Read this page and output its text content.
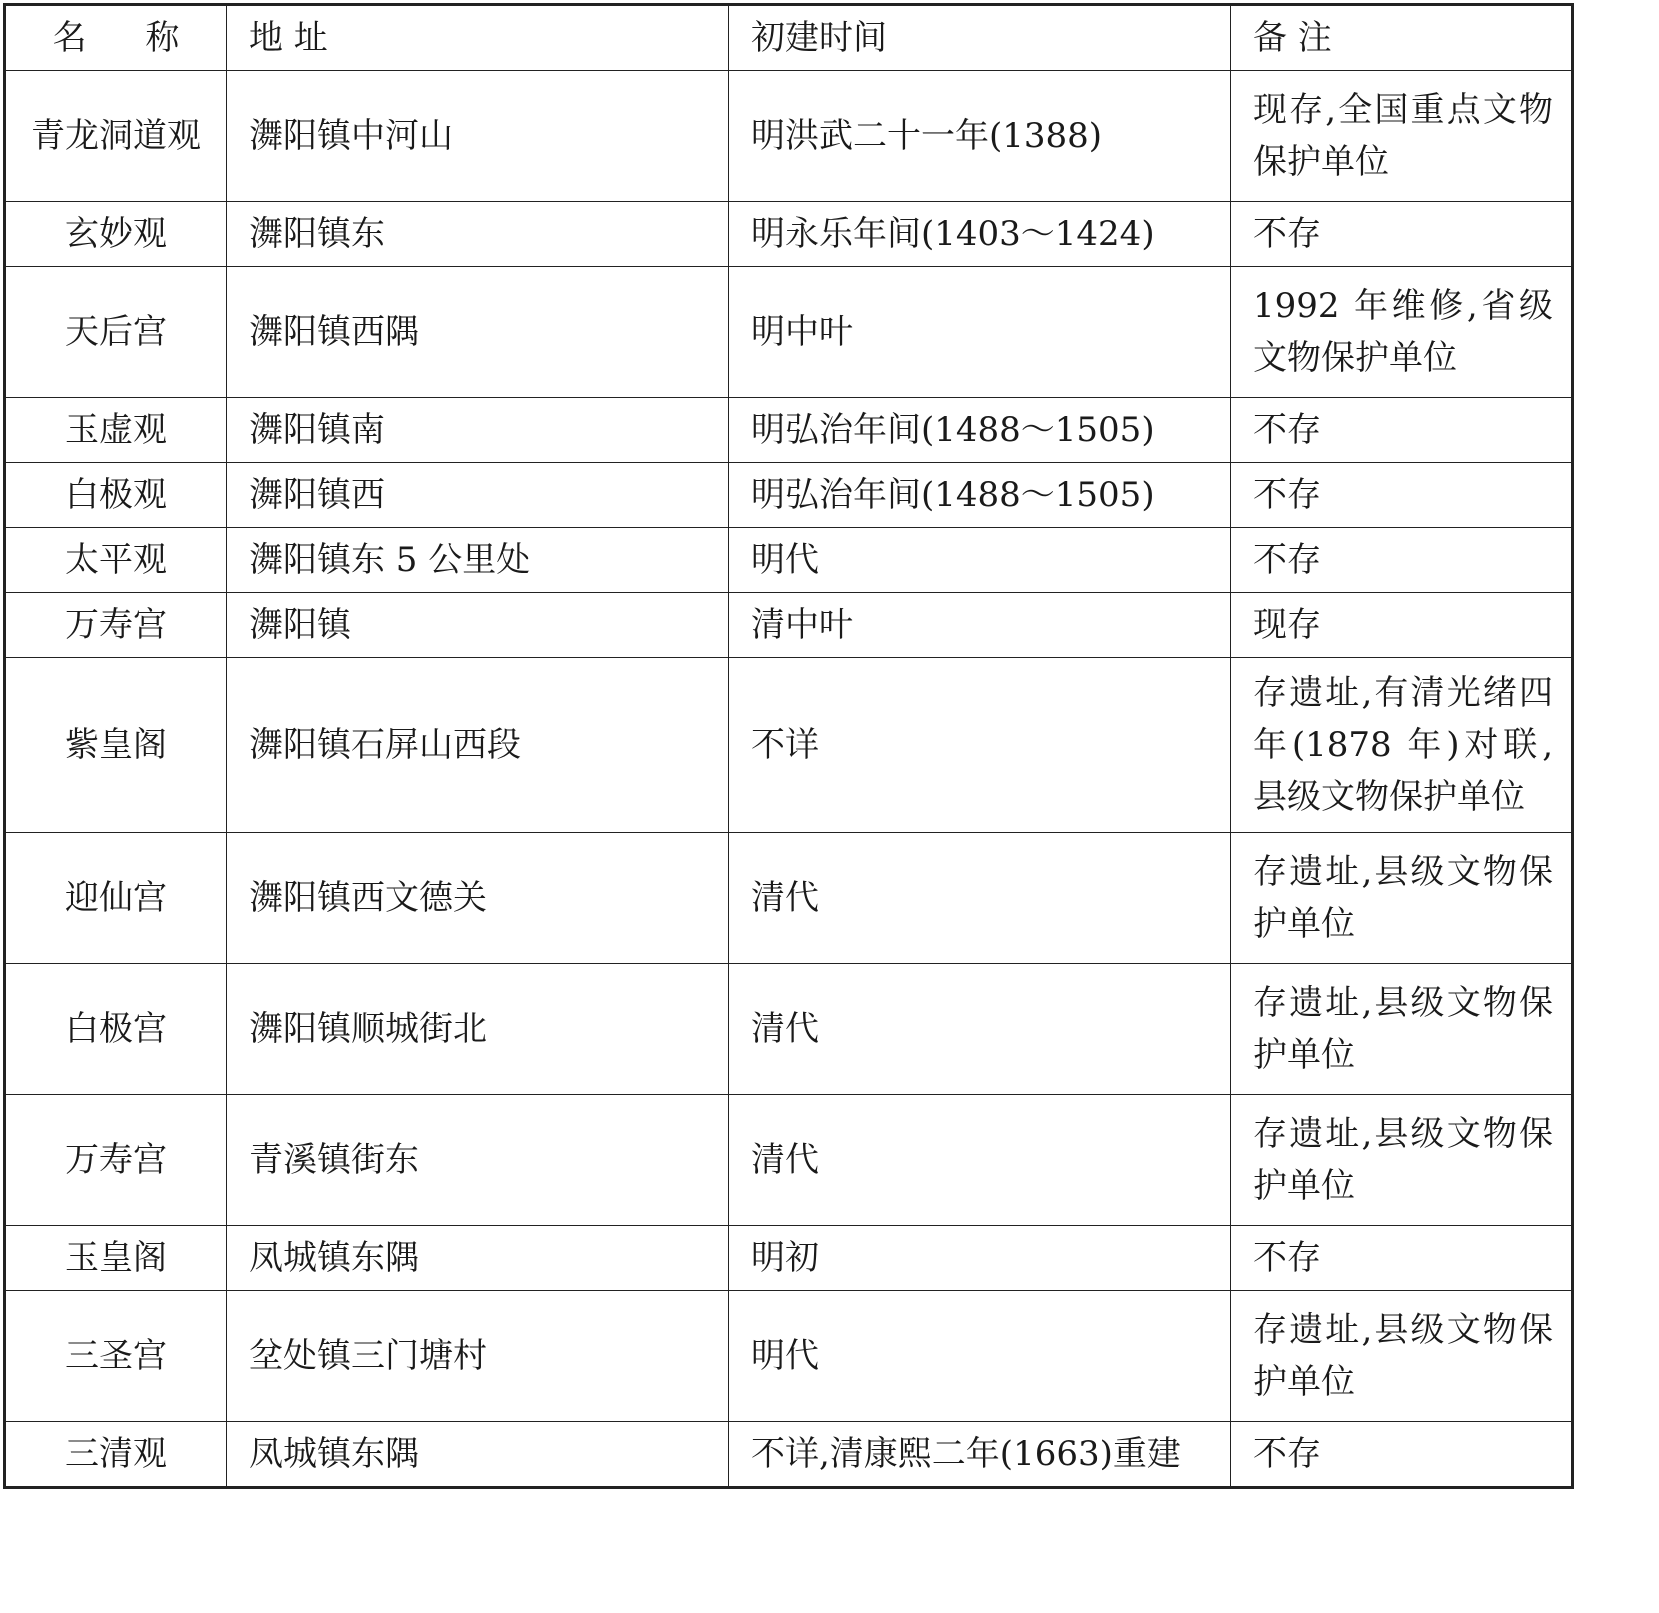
名 称	地 址	初建时间	备 注
青龙洞道观	㵲阳镇中河山	明洪武二十一年(1388)	现存,全国重点文物保护单位
玄妙观	㵲阳镇东	明永乐年间(1403～1424)	不存
天后宫	㵲阳镇西隅	明中叶	1992 年维修,省级文物保护单位
玉虚观	㵲阳镇南	明弘治年间(1488～1505)	不存
白极观	㵲阳镇西	明弘治年间(1488～1505)	不存
太平观	㵲阳镇东 5 公里处	明代	不存
万寿宫	㵲阳镇	清中叶	现存
紫皇阁	㵲阳镇石屏山西段	不详	存遗址,有清光绪四年(1878 年)对联,县级文物保护单位
迎仙宫	㵲阳镇西文德关	清代	存遗址,县级文物保护单位
白极宫	㵲阳镇顺城街北	清代	存遗址,县级文物保护单位
万寿宫	青溪镇街东	清代	存遗址,县级文物保护单位
玉皇阁	凤城镇东隅	明初	不存
三圣宫	坌处镇三门塘村	明代	存遗址,县级文物保护单位
三清观	凤城镇东隅	不详,清康熙二年(1663)重建	不存
